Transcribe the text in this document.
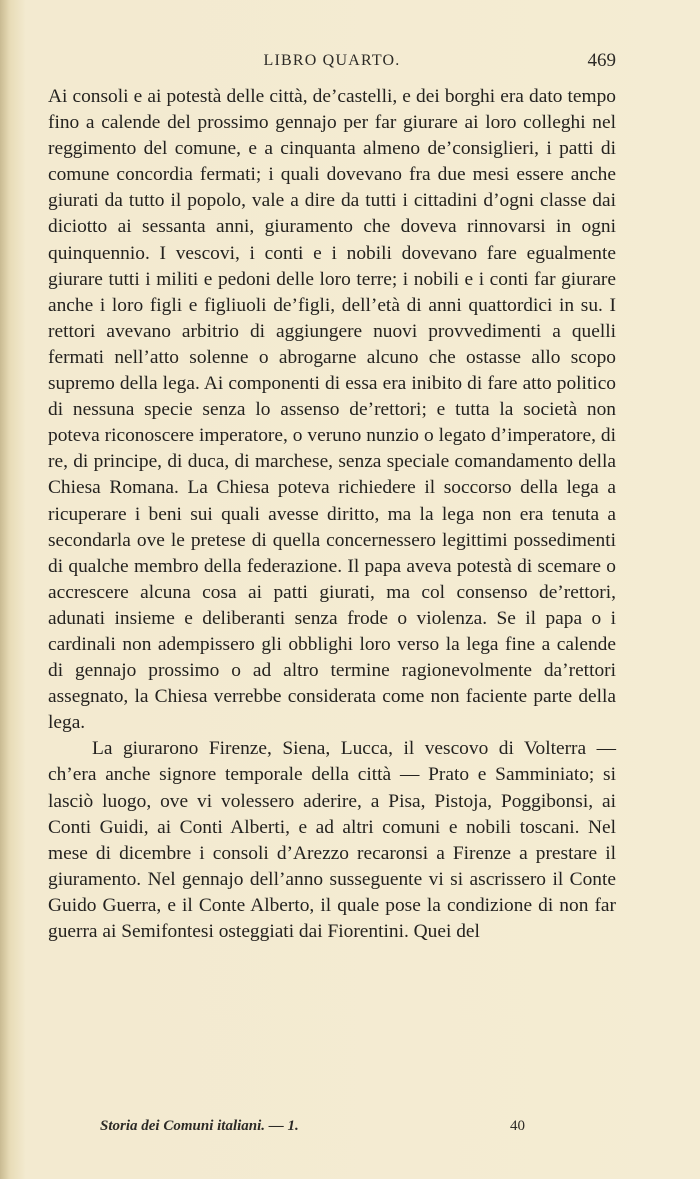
LIBRO QUARTO.	469

Ai consoli e ai potestà delle città, de’castelli, e dei borghi era dato tempo fino a calende del prossimo gennajo per far giurare ai loro colleghi nel reggimento del comune, e a cinquanta almeno de’consiglieri, i patti di comune concordia fermati; i quali dovevano fra due mesi essere anche giurati da tutto il popolo, vale a dire da tutti i cittadini d’ogni classe dai diciotto ai sessanta anni, giuramento che doveva rinnovarsi in ogni quinquennio. I vescovi, i conti e i nobili dovevano fare egualmente giurare tutti i militi e pedoni delle loro terre; i nobili e i conti far giurare anche i loro figli e figliuoli de’figli, dell’età di anni quattordici in su. I rettori avevano arbitrio di aggiungere nuovi provvedimenti a quelli fermati nell’atto solenne o abrogarne alcuno che ostasse allo scopo supremo della lega. Ai componenti di essa era inibito di fare atto politico di nessuna specie senza lo assenso de’rettori; e tutta la società non poteva riconoscere imperatore, o veruno nunzio o legato d’imperatore, di re, di principe, di duca, di marchese, senza speciale comandamento della Chiesa Romana. La Chiesa poteva richiedere il soccorso della lega a ricuperare i beni sui quali avesse diritto, ma la lega non era tenuta a secondarla ove le pretese di quella concernessero legittimi possedimenti di qualche membro della federazione. Il papa aveva potestà di scemare o accrescere alcuna cosa ai patti giurati, ma col consenso de’rettori, adunati insieme e deliberanti senza frode o violenza. Se il papa o i cardinali non adempissero gli obblighi loro verso la lega fine a calende di gennajo prossimo o ad altro termine ragionevolmente da’rettori assegnato, la Chiesa verrebbe considerata come non faciente parte della lega.

La giurarono Firenze, Siena, Lucca, il vescovo di Volterra — ch’era anche signore temporale della città — Prato e Samminiato; si lasciò luogo, ove vi volessero aderire, a Pisa, Pistoja, Poggibonsi, ai Conti Guidi, ai Conti Alberti, e ad altri comuni e nobili toscani. Nel mese di dicembre i consoli d’Arezzo recaronsi a Firenze a prestare il giuramento. Nel gennajo dell’anno susseguente vi si ascrissero il Conte Guido Guerra, e il Conte Alberto, il quale pose la condizione di non far guerra ai Semifontesi osteggiati dai Fiorentini. Quei del

Storia dei Comuni italiani. — 1.	40
